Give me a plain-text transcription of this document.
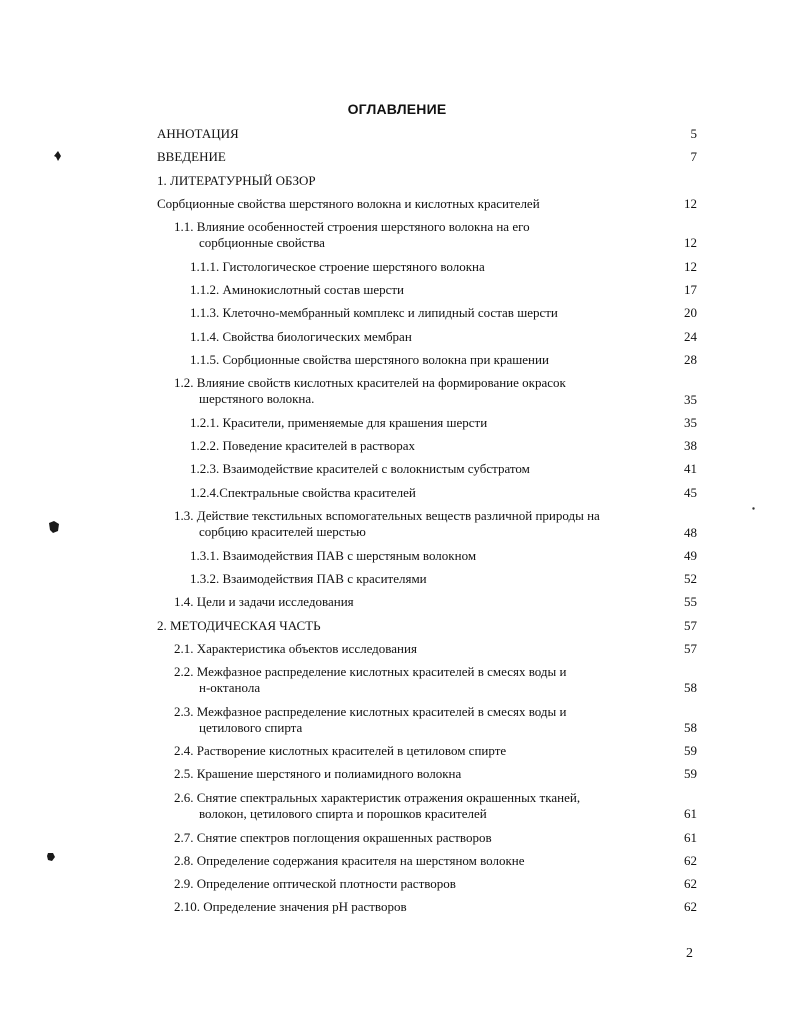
ОГЛАВЛЕНИЕ
АННОТАЦИЯ	5
ВВЕДЕНИЕ	7
1. ЛИТЕРАТУРНЫЙ ОБЗОР
Сорбционные свойства шерстяного волокна и кислотных красителей	12
1.1. Влияние особенностей строения шерстяного волокна на его
сорбционные свойства	12
1.1.1. Гистологическое строение шерстяного волокна	12
1.1.2. Аминокислотный состав шерсти	17
1.1.3. Клеточно-мембранный комплекс и липидный состав шерсти	20
1.1.4. Свойства биологических мембран	24
1.1.5. Сорбционные свойства шерстяного волокна при крашении	28
1.2. Влияние свойств кислотных красителей на формирование окрасок
шерстяного волокна.	35
1.2.1. Красители, применяемые для крашения шерсти	35
1.2.2. Поведение красителей в растворах	38
1.2.3. Взаимодействие красителей с волокнистым субстратом	41
1.2.4.Спектральные свойства красителей	45
1.3. Действие текстильных вспомогательных веществ различной природы на
сорбцию красителей шерстью	48
1.3.1. Взаимодействия ПАВ с шерстяным волокном	49
1.3.2. Взаимодействия ПАВ с красителями	52
1.4. Цели и задачи исследования	55
2. МЕТОДИЧЕСКАЯ ЧАСТЬ	57
2.1. Характеристика объектов исследования	57
2.2. Межфазное распределение кислотных красителей в смесях воды и
н-октанола	58
2.3. Межфазное распределение кислотных красителей в смесях воды и
цетилового спирта	58
2.4. Растворение кислотных красителей в цетиловом спирте	59
2.5. Крашение шерстяного и полиамидного волокна	59
2.6. Снятие спектральных характеристик отражения окрашенных тканей,
волокон, цетилового спирта и порошков красителей	61
2.7. Снятие спектров поглощения окрашенных растворов	61
2.8. Определение содержания красителя на шерстяном волокне	62
2.9. Определение оптической плотности растворов	62
2.10. Определение значения pH растворов	62
2
